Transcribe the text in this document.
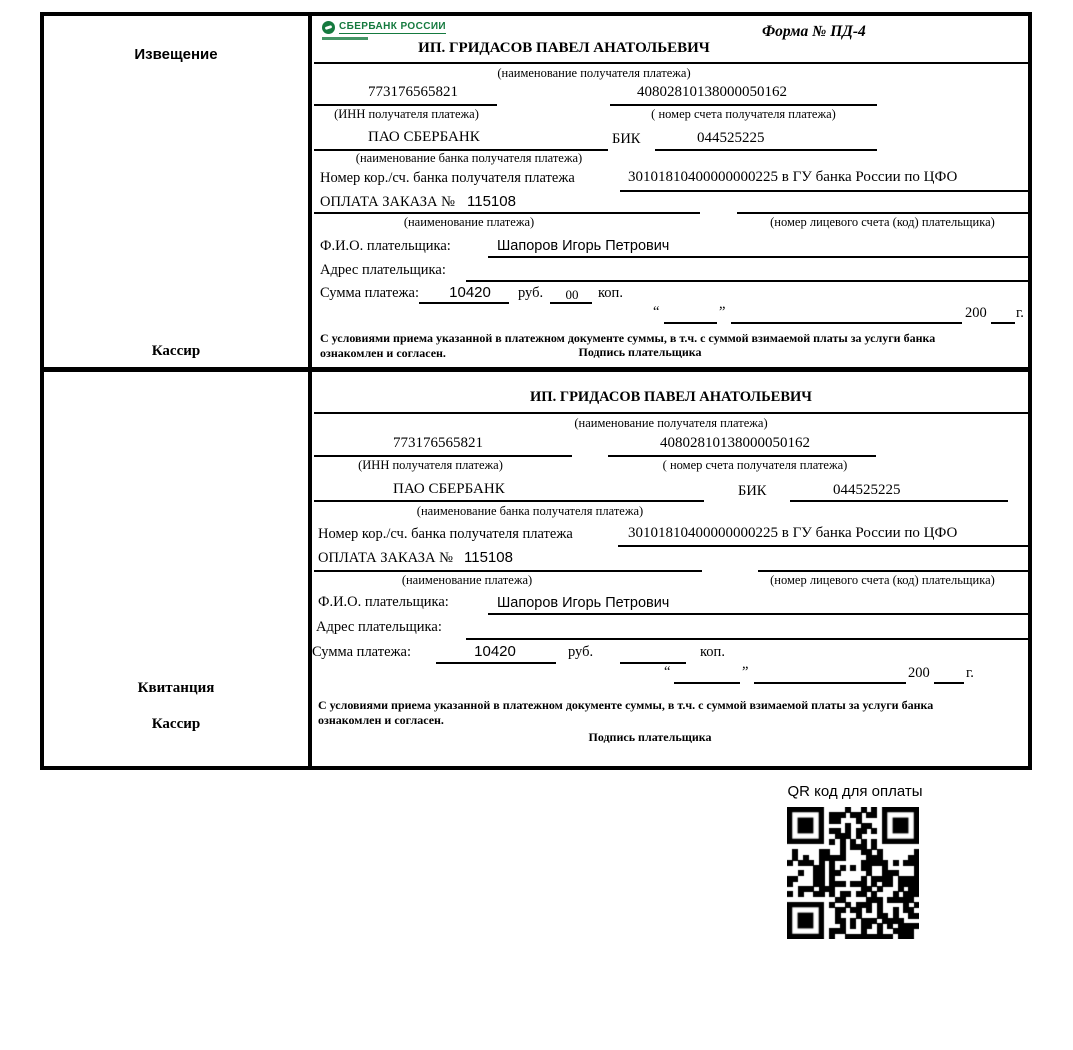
Извещение
Кассир
СБЕРБАНК РОССИИ	Форма № ПД-4
ИП. ГРИДАСОВ ПАВЕЛ АНАТОЛЬЕВИЧ
(наименование получателя платежа)
773176565821	40802810138000050162
(ИНН получателя платежа)	( номер счета получателя платежа)
ПАО СБЕРБАНК	БИК	044525225
(наименование банка получателя платежа)
Номер кор./сч. банка получателя платежа	30101810400000000225 в ГУ банка России по ЦФО
ОПЛАТА ЗАКАЗА № 115108
(наименование платежа)	(номер лицевого счета (код) плательщика)
Ф.И.О. плательщика:	Шапоров Игорь Петрович
Адрес плательщика:
Сумма платежа:	10420	руб.	00	коп.
“	”	200 г.
С условиями приема указанной в платежном документе суммы, в т.ч. с суммой взимаемой платы за услуги банка
ознакомлен и согласен.	Подпись плательщика
Квитанция
Кассир
ИП. ГРИДАСОВ ПАВЕЛ АНАТОЛЬЕВИЧ
(наименование получателя платежа)
773176565821	40802810138000050162
(ИНН получателя платежа)	( номер счета получателя платежа)
ПАО СБЕРБАНК	БИК	044525225
(наименование банка получателя платежа)
Номер кор./сч. банка получателя платежа	30101810400000000225 в ГУ банка России по ЦФО
ОПЛАТА ЗАКАЗА № 115108
(наименование платежа)	(номер лицевого счета (код) плательщика)
Ф.И.О. плательщика:	Шапоров Игорь Петрович
Адрес плательщика:
Сумма платежа:	10420	руб.	коп.
“	”	200	г.
С условиями приема указанной в платежном документе суммы, в т.ч. с суммой взимаемой платы за услуги банка
ознакомлен и согласен.
Подпись плательщика
QR код для оплаты
